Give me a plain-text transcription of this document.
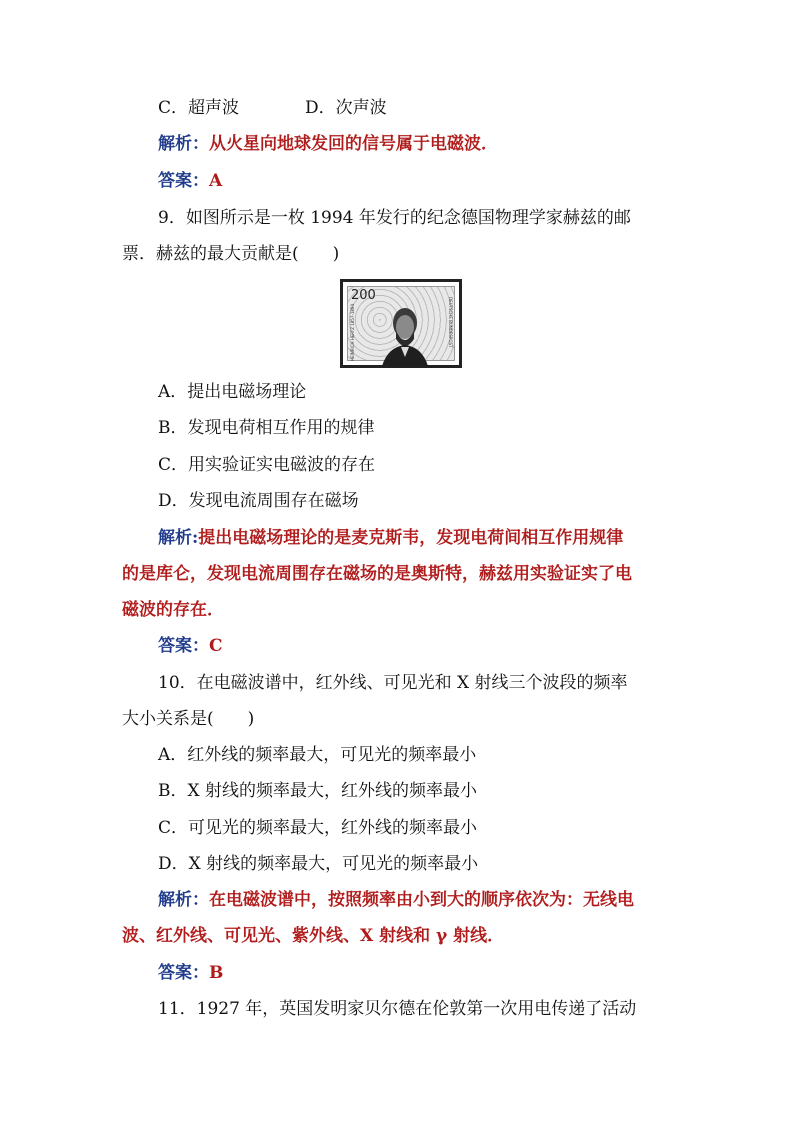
C．超声波	D．次声波
解析：从火星向地球发回的信号属于电磁波．
答案：A
9．如图所示是一枚 1994 年发行的纪念德国物理学家赫兹的邮
票．赫兹的最大贡献是(　　)
200
HEINRICH HERTZ 1857-1894	DEUTSCHE BUNDESPOST
A．提出电磁场理论
B．发现电荷相互作用的规律
C．用实验证实电磁波的存在
D．发现电流周围存在磁场
解析:提出电磁场理论的是麦克斯韦，发现电荷间相互作用规律
的是库仑，发现电流周围存在磁场的是奥斯特，赫兹用实验证实了电
磁波的存在．
答案：C
10．在电磁波谱中，红外线、可见光和 X 射线三个波段的频率
大小关系是(　　)
A．红外线的频率最大，可见光的频率最小
B．X 射线的频率最大，红外线的频率最小
C．可见光的频率最大，红外线的频率最小
D．X 射线的频率最大，可见光的频率最小
解析：在电磁波谱中，按照频率由小到大的顺序依次为：无线电
波、红外线、可见光、紫外线、X 射线和 γ 射线．
答案：B
11．1927 年，英国发明家贝尔德在伦敦第一次用电传递了活动
